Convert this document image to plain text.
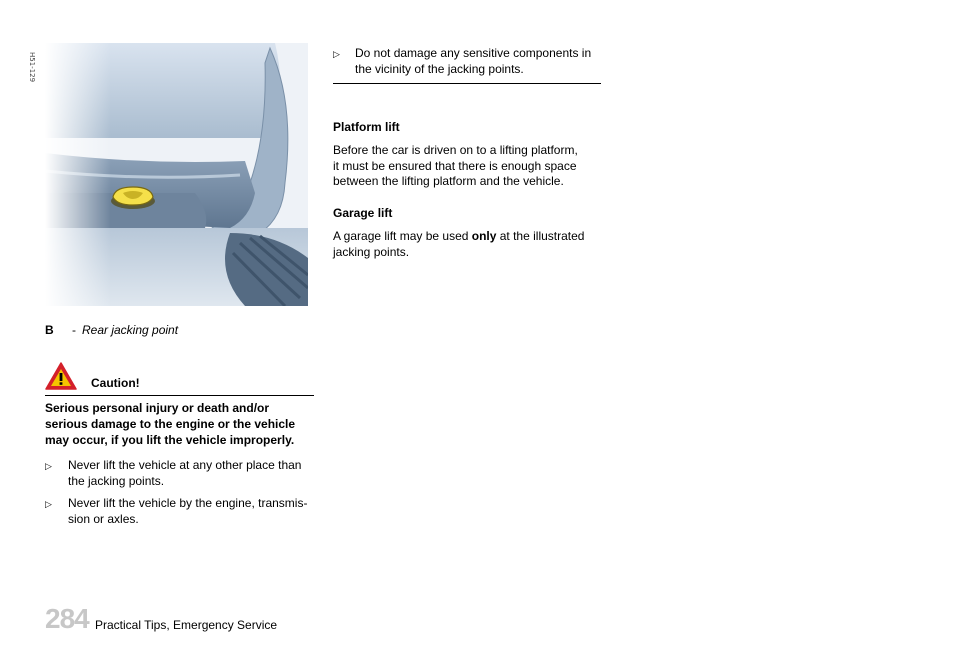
H51-129
B - Rear jacking point
Caution!
Serious personal injury or death and/or serious damage to the engine or the vehicle may occur, if you lift the vehicle improperly.
▷ Never lift the vehicle at any other place than the jacking points.
▷ Never lift the vehicle by the engine, transmis-sion or axles.
▷ Do not damage any sensitive components in the vicinity of the jacking points.
Platform lift
Before the car is driven on to a lifting platform, it must be ensured that there is enough space between the lifting platform and the vehicle.
Garage lift
A garage lift may be used only at the illustrated jacking points.
284 Practical Tips, Emergency Service
